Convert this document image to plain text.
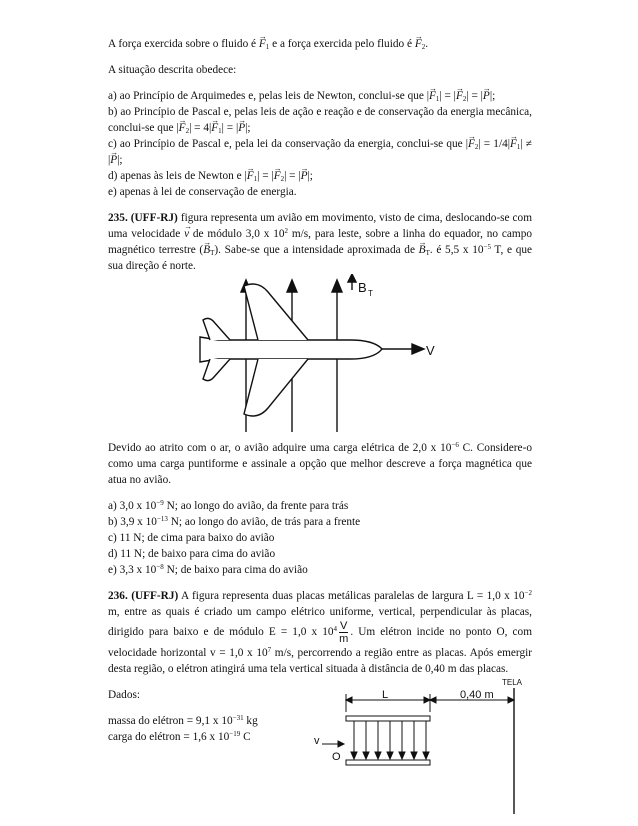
A força exercida sobre o fluido é → $F_1$ e a força exercida pelo fluido é → $F_2$.

A situação descrita obedece:

a) ao Princípio de Arquimedes e, pelas leis de Newton, conclui-se que |→ $F_1|$ = |→ $F_2|$ = |→ P|;

b) ao Princípio de Pascal e, pelas leis de ação e reação e de conservação da energia mecânica, conclui-se que |→ $F_2| = 4|\to F_1|$ = |→ P|;

c) ao Princípio de Pascal e, pela lei da conservação da energia, conclui-se que |→ $F_2| = 1/4|\to F_1|$ ≠ |→ P|;

d) apenas às leis de Newton e |→ $F_1|$ = |→ $F_2|$ = |→ P|;

e) apenas à lei de conservação de energia.

235. (UFF-RJ) figura representa um avião em movimento, visto de cima, deslocando-se com uma velocidade → v de módulo 3,0 x $10^2$ m/s, para leste, sobre a linha do equador, no campo magnético terrestre (→ $B_T$). Sabe-se que a intensidade aproximada de → $B_T$. é 5,5 x $10^{-5}$ T, e que sua direção é norte.

B T
V

Devido ao atrito com o ar, o avião adquire uma carga elétrica de 2,0 x $10^{-6}$ C. Considere-o como uma carga puntiforme e assinale a opção que melhor descreve a força magnética que atua no avião.

a) 3,0 x $10^{-9}$ N; ao longo do avião, da frente para trás

b) 3,9 x $10^{-13}$ N; ao longo do avião, de trás para a frente

c) 11 N; de cima para baixo do avião

d) 11 N; de baixo para cima do avião

e) 3,3 x $10^{-8}$ N; de baixo para cima do avião

236. (UFF-RJ) A figura representa duas placas metálicas paralelas de largura L = 1,0 x $10^{-2}$ m, entre as quais é criado um campo elétrico uniforme, vertical, perpendicular às placas, dirigido para baixo e de módulo E = 1,0 x $10^4 \frac{V}{m}$ . Um elétron incide no ponto O, com velocidade horizontal v = 1,0 x $10^7$ m/s, percorrendo a região entre as placas. Após emergir desta região, o elétron atingirá uma tela vertical situada à distância de 0,40 m das placas.

Dados:

massa do elétron = 9,1 x $10^{-31}$ kg

carga do elétron = 1,6 x $10^{-19}$ C

TELA
L	0,40 m
v
O
